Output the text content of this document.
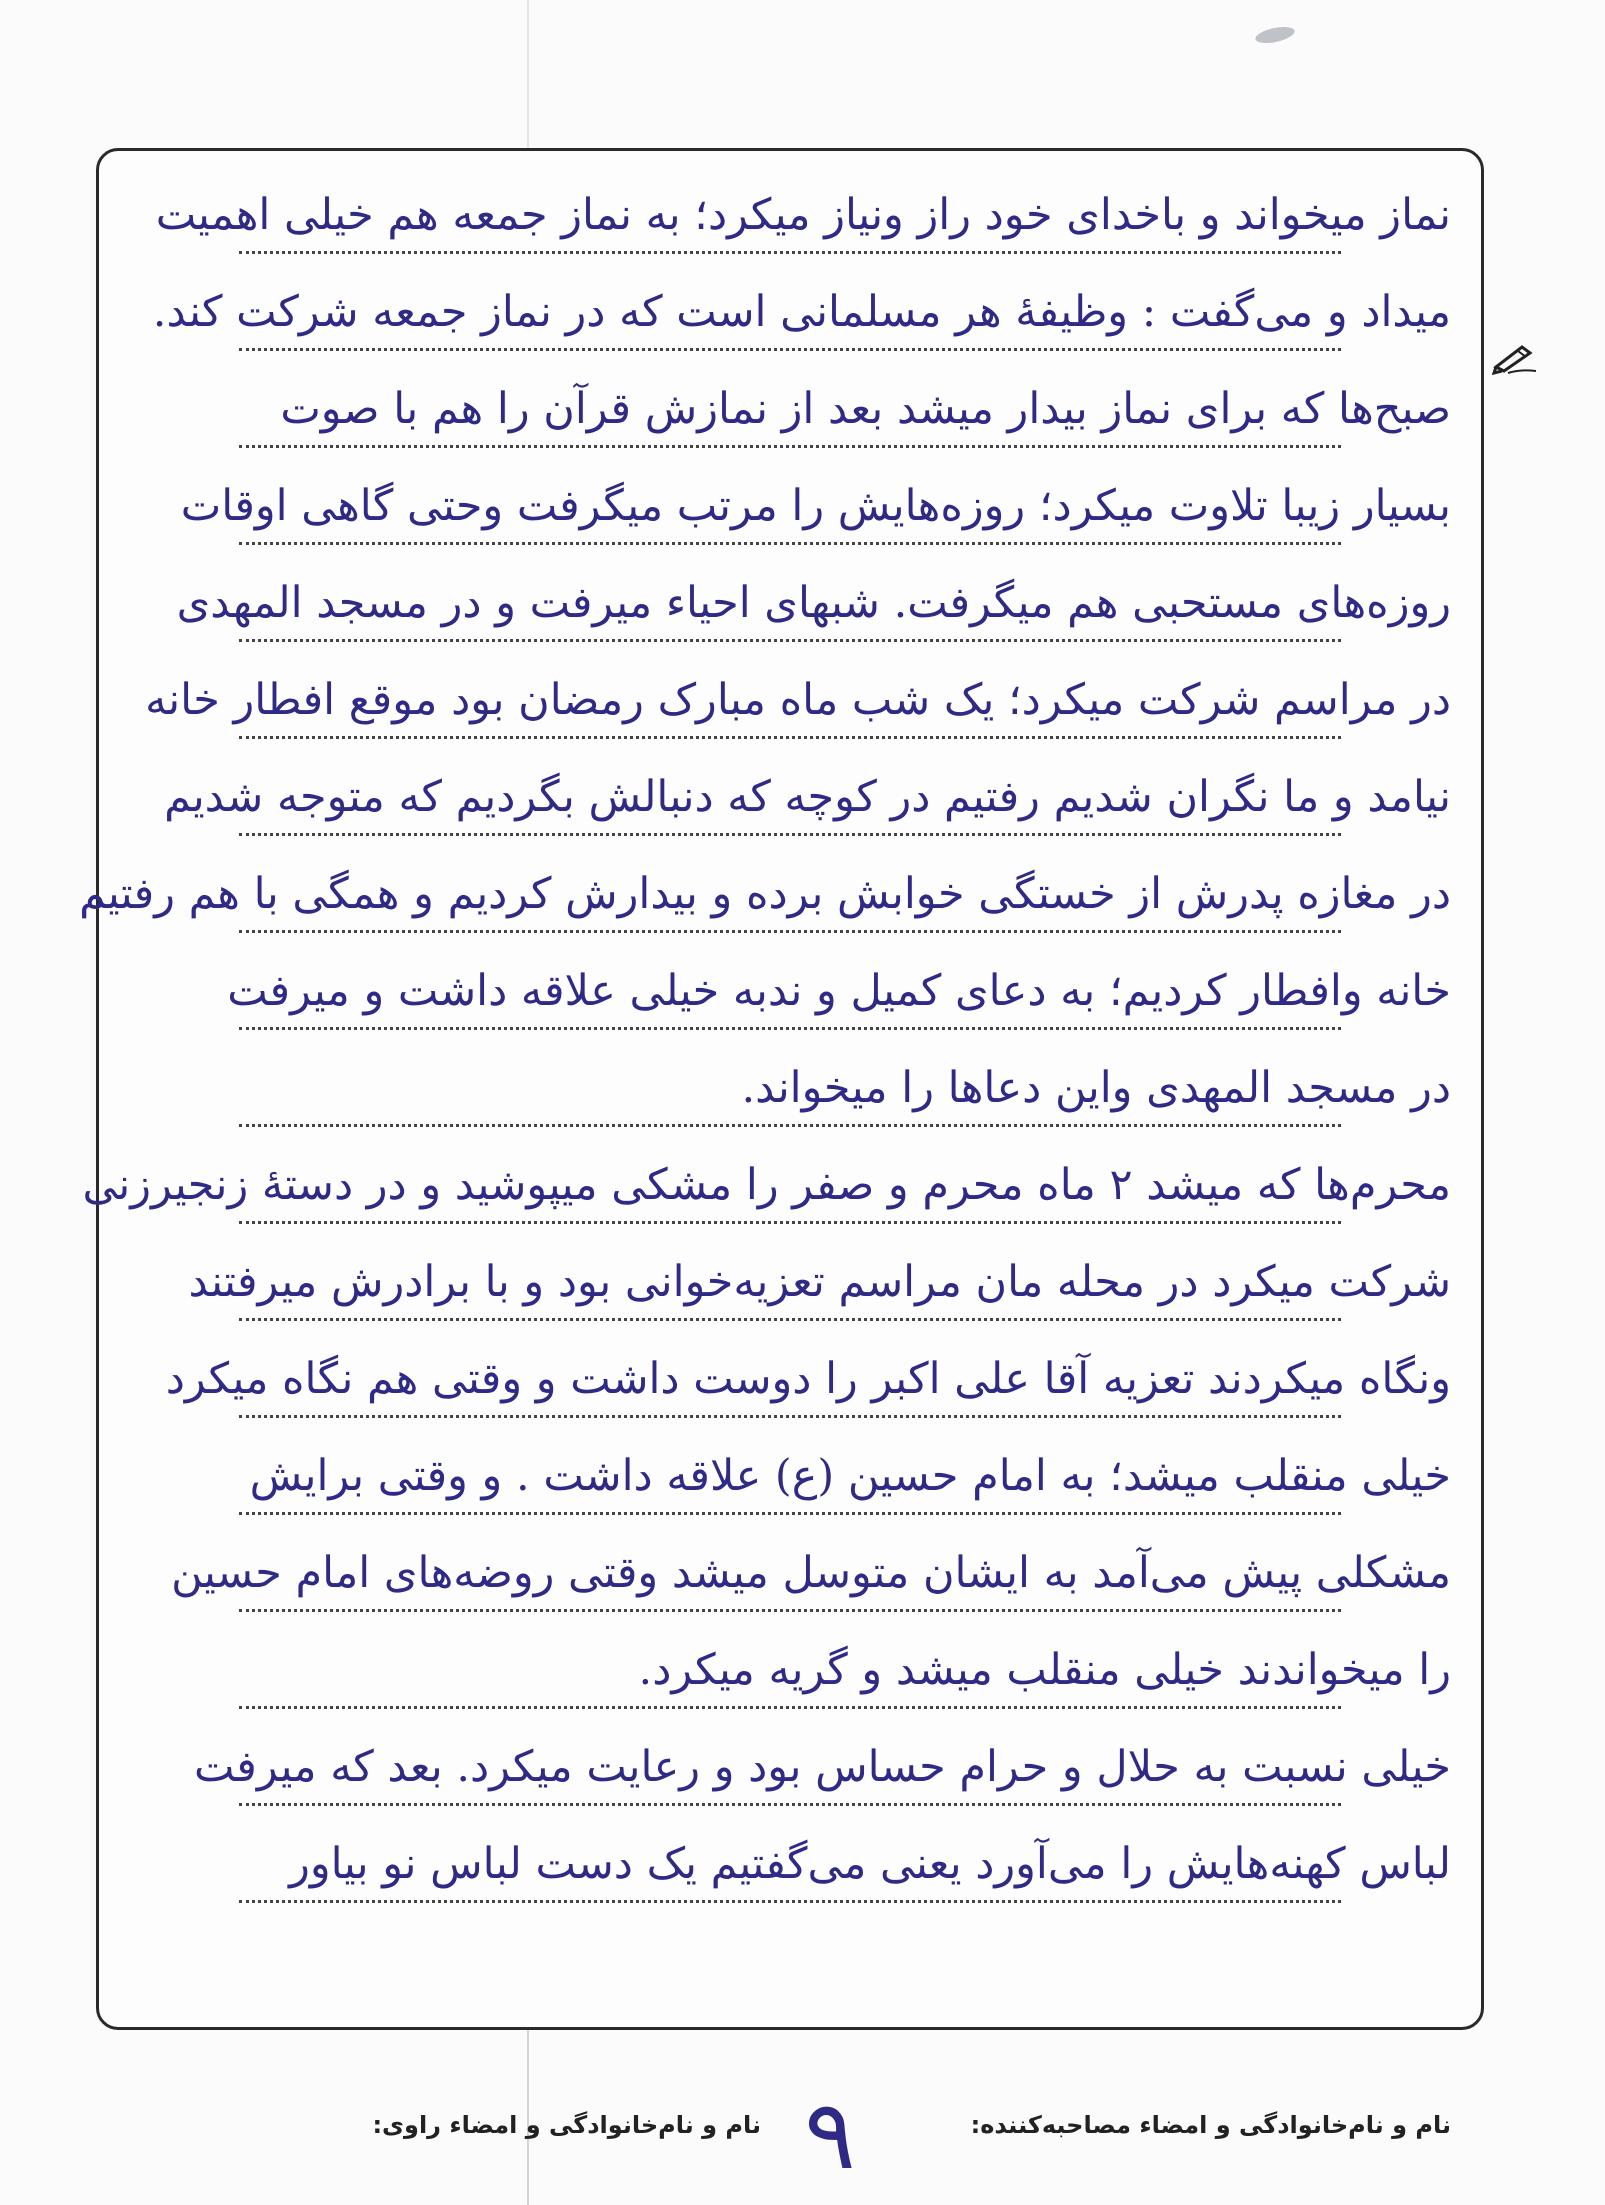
نماز میخواند و باخدای خود راز ونیاز میکرد؛ به نماز جمعه هم خیلی اهمیت
میداد و می‌گفت : وظیفهٔ هر مسلمانی است که در نماز جمعه شرکت کند.
صبح‌ها که برای نماز بیدار میشد بعد از نمازش قرآن را هم با صوت
بسیار زیبا تلاوت میکرد؛ روزه‌هایش را مرتب میگرفت وحتی گاهی اوقات
روزه‌های مستحبی هم میگرفت. شبهای احیاء میرفت و در مسجد المهدی
در مراسم شرکت میکرد؛ یک شب ماه مبارک رمضان بود موقع افطار خانه
نیامد و ما نگران شدیم رفتیم در کوچه که دنبالش بگردیم که متوجه شدیم
در مغازه پدرش از خستگی خوابش برده و بیدارش کردیم و همگی با هم رفتیم
خانه وافطار کردیم؛ به دعای کمیل و ندبه خیلی علاقه داشت و میرفت
در مسجد المهدی واین دعاها را میخواند.
محرم‌ها که میشد ۲ ماه محرم و صفر را مشکی میپوشید و در دستهٔ زنجیرزنی
شرکت میکرد در محله مان مراسم تعزیه‌خوانی بود و با برادرش میرفتند
ونگاه میکردند تعزیه آقا علی اکبر را دوست داشت و وقتی هم نگاه میکرد
خیلی منقلب میشد؛ به امام حسین (ع) علاقه داشت . و وقتی برایش
مشکلی پیش می‌آمد به ایشان متوسل میشد وقتی روضه‌های امام حسین
را میخواندند خیلی منقلب میشد و گریه میکرد.
خیلی نسبت به حلال و حرام حساس بود و رعایت میکرد. بعد که میرفت
لباس کهنه‌هایش را می‌آورد یعنی می‌گفتیم یک دست لباس نو بیاور
نام و نام‌خانوادگی و امضاء مصاحبه‌کننده:
نام و نام‌خانوادگی و امضاء راوی: ۹
